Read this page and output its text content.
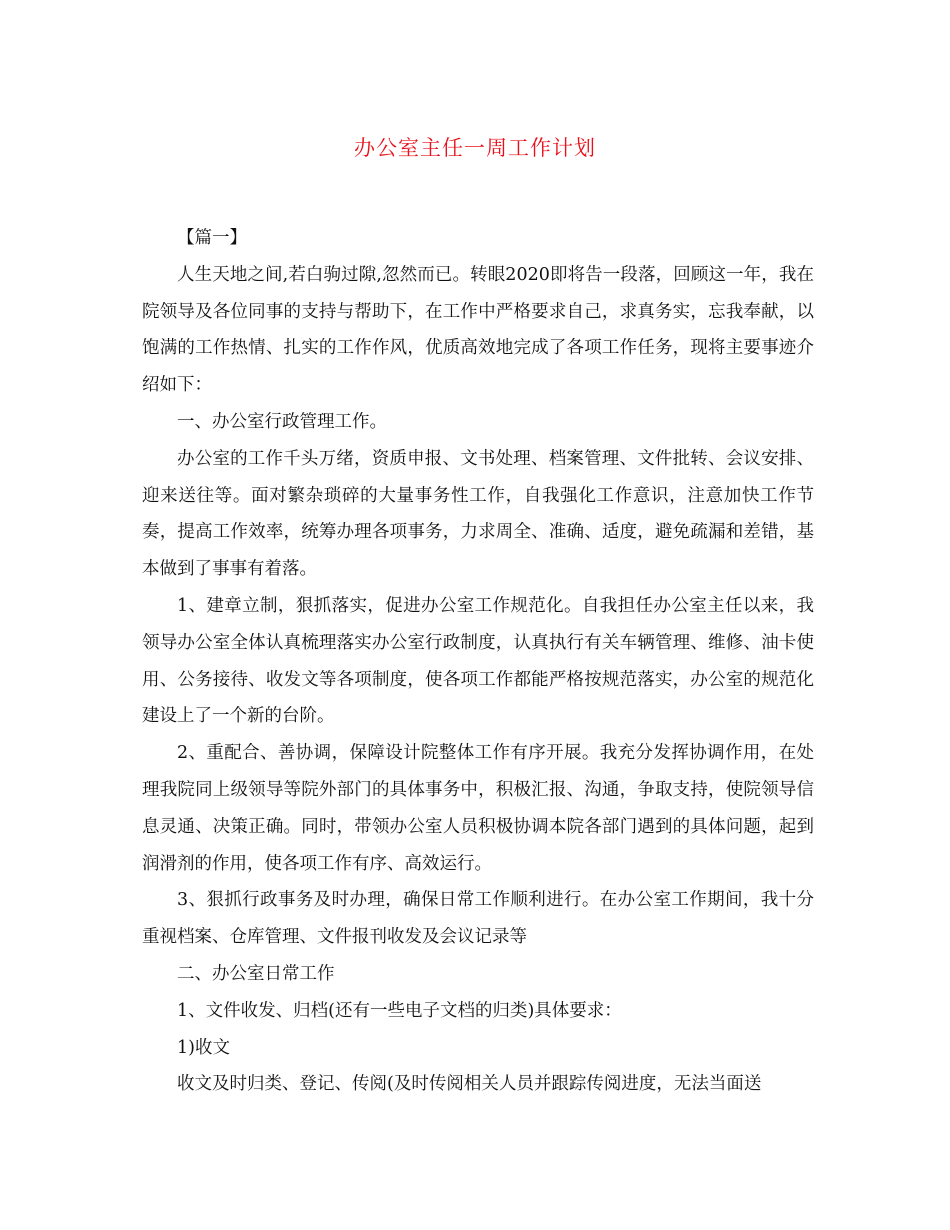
办公室主任一周工作计划

【篇一】

人生天地之间,若白驹过隙,忽然而已。转眼2020即将告一段落，回顾这一年，我在院领导及各位同事的支持与帮助下，在工作中严格要求自己，求真务实，忘我奉献，以饱满的工作热情、扎实的工作作风，优质高效地完成了各项工作任务，现将主要事迹介绍如下：

一、办公室行政管理工作。

办公室的工作千头万绪，资质申报、文书处理、档案管理、文件批转、会议安排、迎来送往等。面对繁杂琐碎的大量事务性工作，自我强化工作意识，注意加快工作节奏，提高工作效率，统筹办理各项事务，力求周全、准确、适度，避免疏漏和差错，基本做到了事事有着落。

1、建章立制，狠抓落实，促进办公室工作规范化。自我担任办公室主任以来，我领导办公室全体认真梳理落实办公室行政制度，认真执行有关车辆管理、维修、油卡使用、公务接待、收发文等各项制度，使各项工作都能严格按规范落实，办公室的规范化建设上了一个新的台阶。

2、重配合、善协调，保障设计院整体工作有序开展。我充分发挥协调作用，在处理我院同上级领导等院外部门的具体事务中，积极汇报、沟通，争取支持，使院领导信息灵通、决策正确。同时，带领办公室人员积极协调本院各部门遇到的具体问题，起到润滑剂的作用，使各项工作有序、高效运行。

3、狠抓行政事务及时办理，确保日常工作顺利进行。在办公室工作期间，我十分重视档案、仓库管理、文件报刊收发及会议记录等

二、办公室日常工作

1、文件收发、归档(还有一些电子文档的归类)具体要求：

1)收文

收文及时归类、登记、传阅(及时传阅相关人员并跟踪传阅进度，无法当面送
